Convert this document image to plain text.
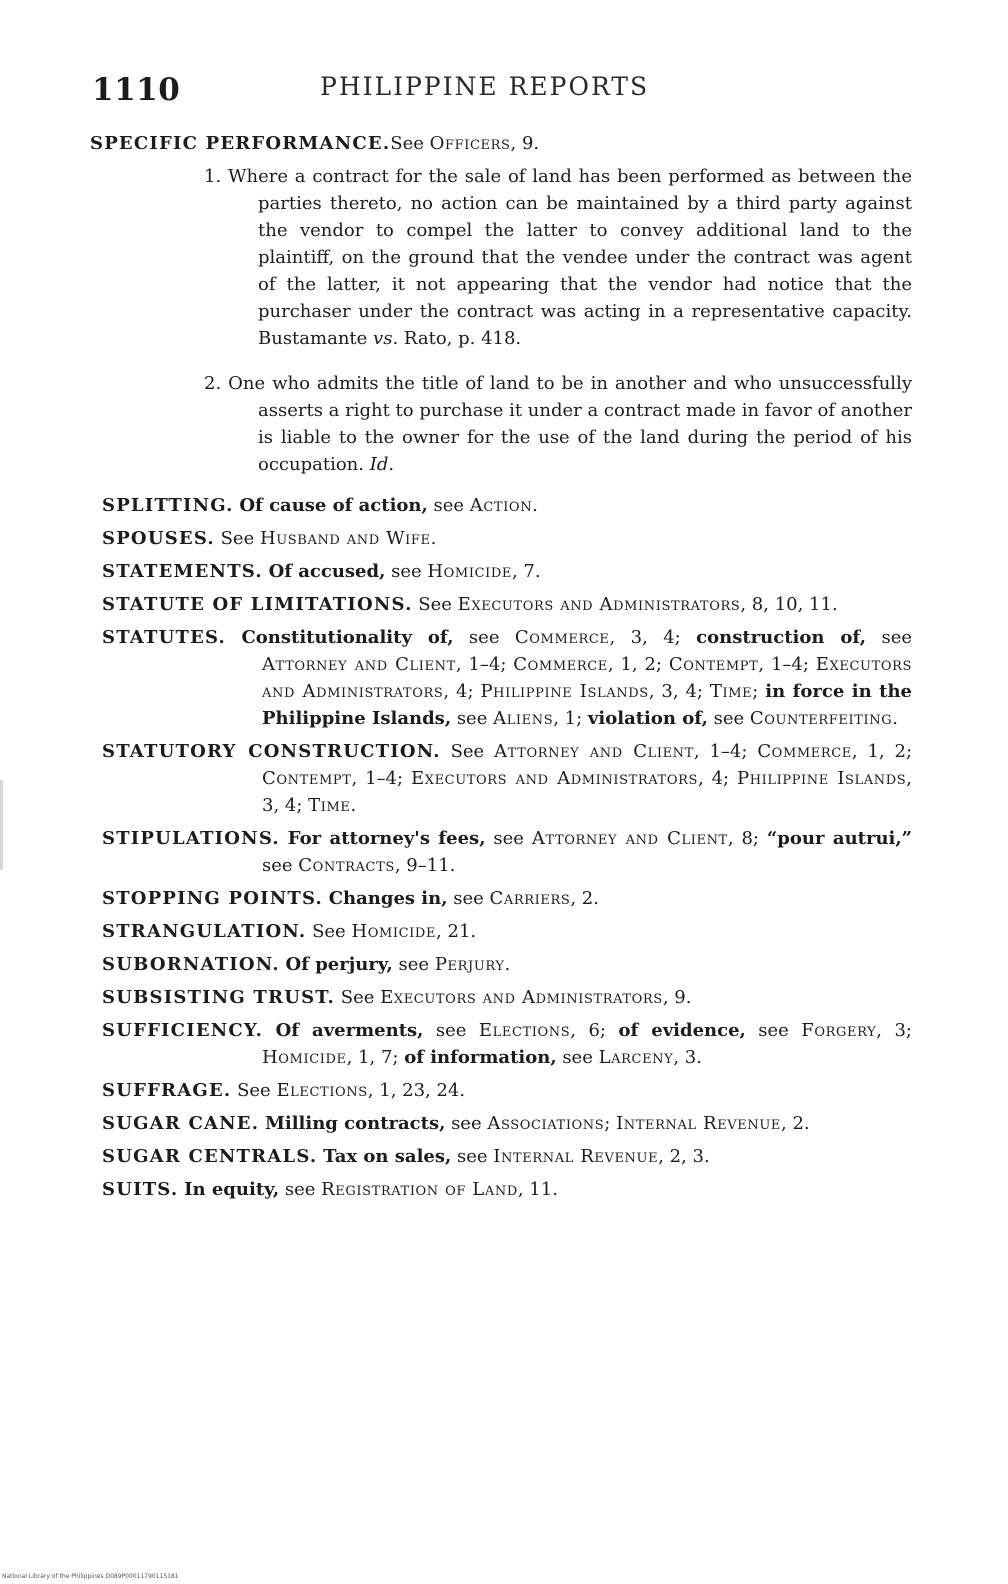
1110	PHILIPPINE REPORTS
SPECIFIC PERFORMANCE.See Officers, 9.

1. Where a contract for the sale of land has been performed as between the parties thereto, no action can be maintained by a third party against the vendor to compel the latter to convey additional land to the plaintiff, on the ground that the vendee under the contract was agent of the latter, it not appearing that the vendor had notice that the purchaser under the contract was acting in a representative capacity. Bustamante vs. Rato, p. 418.

2. One who admits the title of land to be in another and who unsuccessfully asserts a right to purchase it under a contract made in favor of another is liable to the owner for the use of the land during the period of his occupation. Id.

SPLITTING. Of cause of action, see Action.
SPOUSES. See Husband and Wife.
STATEMENTS. Of accused, see Homicide, 7.
STATUTE OF LIMITATIONS. See Executors and Administrators, 8, 10, 11.
STATUTES. Constitutionality of, see Commerce, 3, 4; construction of, see Attorney and Client, 1–4; Commerce, 1, 2; Contempt, 1–4; Executors and Administrators, 4; Philippine Islands, 3, 4; Time; in force in the Philippine Islands, see Aliens, 1; violation of, see Counterfeiting.
STATUTORY CONSTRUCTION. See Attorney and Client, 1–4; Commerce, 1, 2; Contempt, 1–4; Executors and Administrators, 4; Philippine Islands, 3, 4; Time.
STIPULATIONS. For attorney's fees, see Attorney and Client, 8; “pour autrui,” see Contracts, 9–11.
STOPPING POINTS. Changes in, see Carriers, 2.
STRANGULATION. See Homicide, 21.
SUBORNATION. Of perjury, see Perjury.
SUBSISTING TRUST. See Executors and Administrators, 9.
SUFFICIENCY. Of averments, see Elections, 6; of evidence, see Forgery, 3; Homicide, 1, 7; of information, see Larceny, 3.
SUFFRAGE. See Elections, 1, 23, 24.
SUGAR CANE. Milling contracts, see Associations; Internal Revenue, 2.
SUGAR CENTRALS. Tax on sales, see Internal Revenue, 2, 3.
SUITS. In equity, see Registration of Land, 11.
National Library of the Philippines D089P00011790115181
